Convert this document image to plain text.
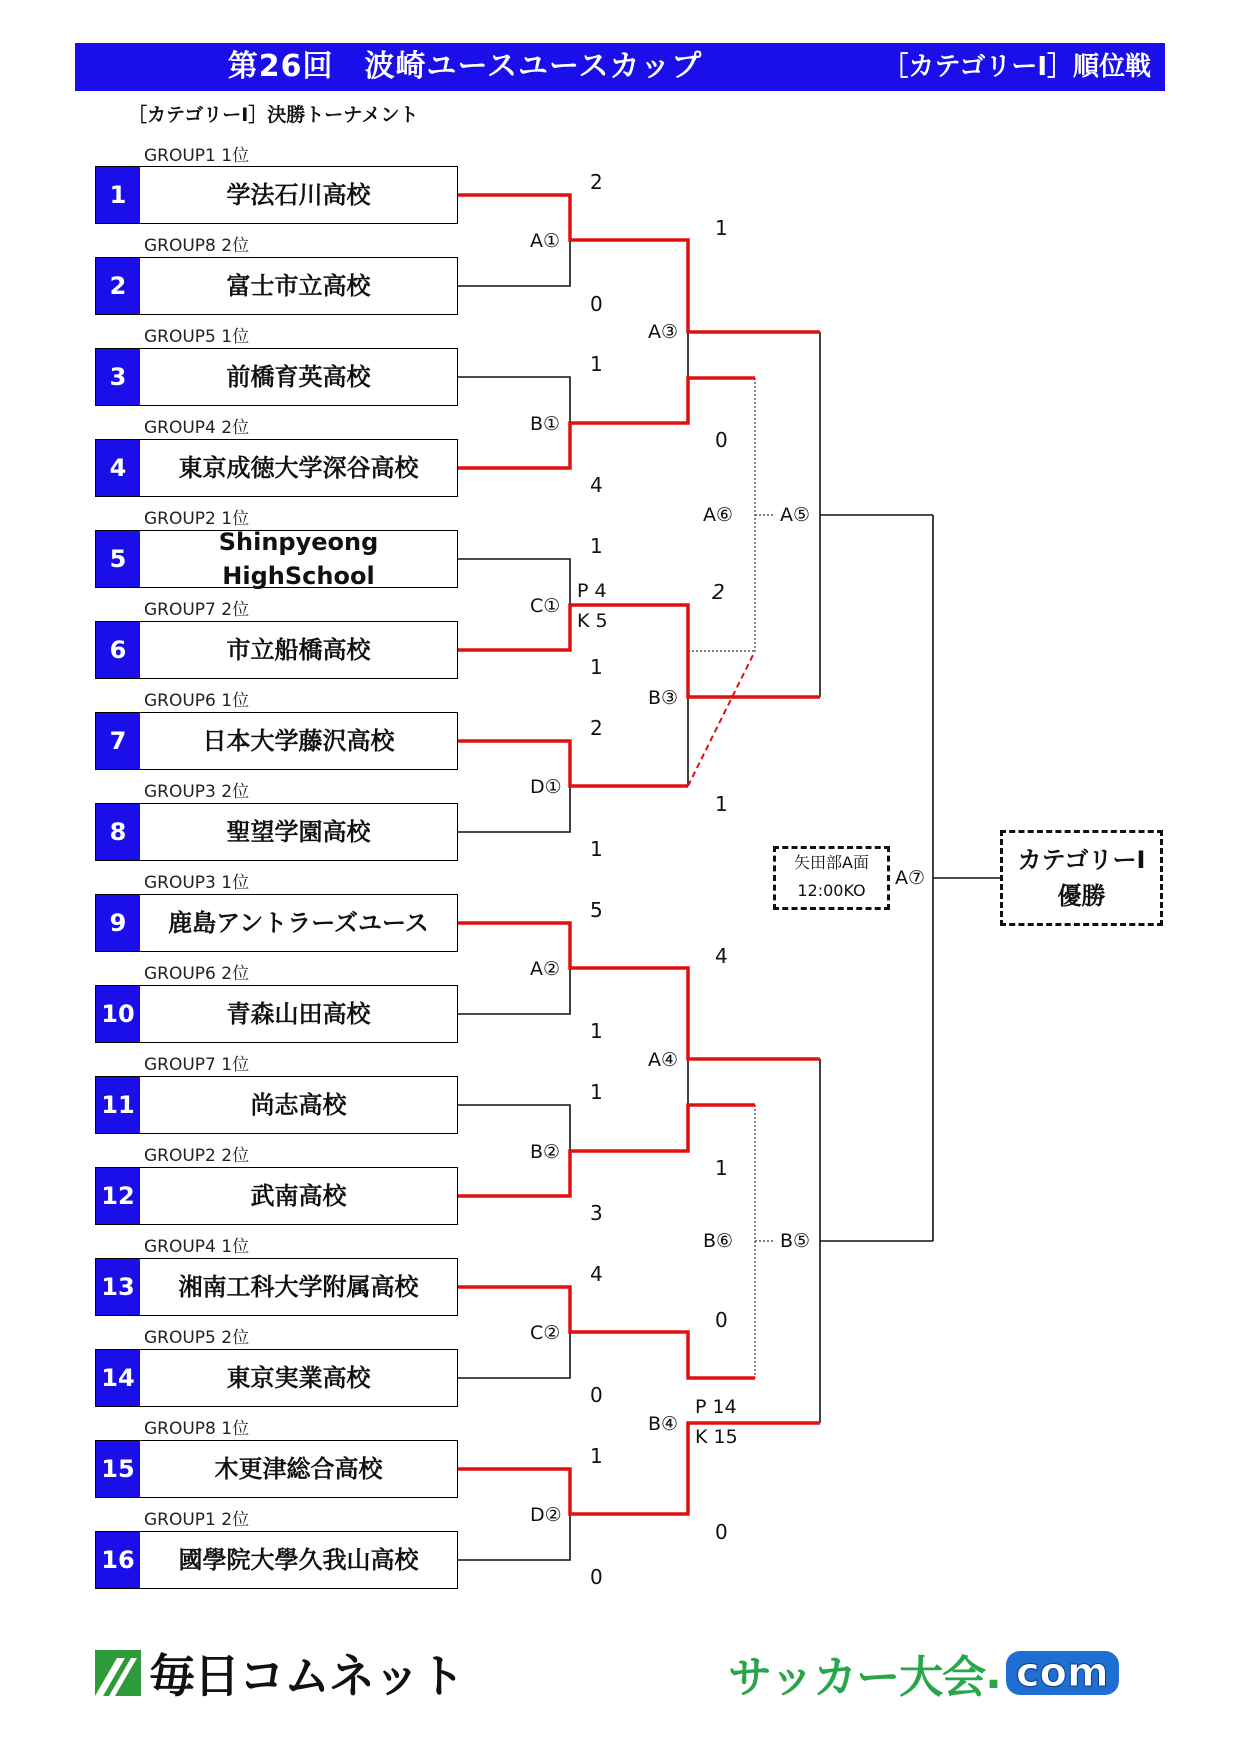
第26回　波崎ユースユースカップ	［カテゴリーⅠ］順位戦
［カテゴリーⅠ］決勝トーナメント
GROUP1 1位
1	学法石川高校
GROUP8 2位
2	富士市立高校
GROUP5 1位
3	前橋育英高校
GROUP4 2位
4	東京成徳大学深谷高校
GROUP2 1位
5
Shinpyeong HighSchool
GROUP7 2位
6	市立船橋高校
GROUP6 1位
7	日本大学藤沢高校
GROUP3 2位
8	聖望学園高校
GROUP3 1位
9	鹿島アントラーズユース
GROUP6 2位
10	青森山田高校
GROUP7 1位
11	尚志高校
GROUP2 2位
12	武南高校
GROUP4 1位
13	湘南工科大学附属高校
GROUP5 2位
14	東京実業高校
GROUP8 1位
15	木更津総合高校
GROUP1 2位
16	國學院大學久我山高校
A①
B①
C①
D①
A②
B②
C②
D②
A③
B③
A④
B④
A⑥ A⑤
B⑥ B⑤
A⑦
2
0
1
4
1
1
2
1
5
1
1
3
4
0
1
0
1
0
2
1
4
1
0
0
P 4
K 5
P 14
K 15
矢田部A面
12:00KO
カテゴリーⅠ
優勝
毎日コムネット	サッカー大会 . com
